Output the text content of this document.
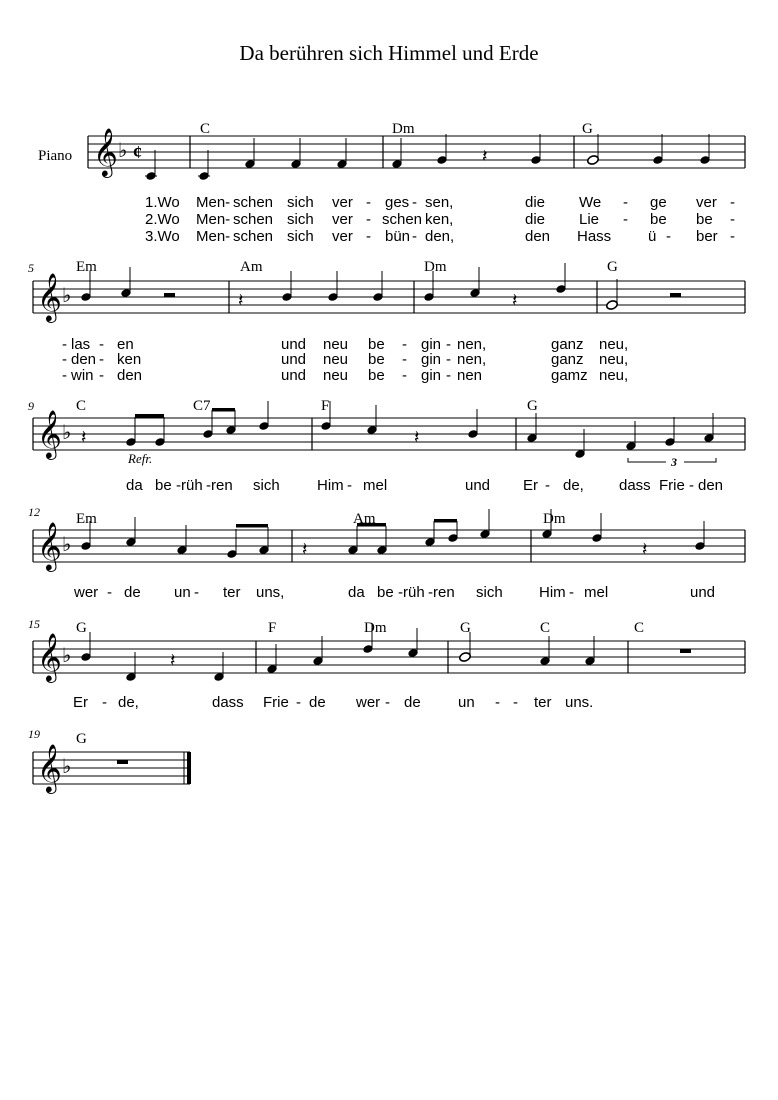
Da berühren sich Himmel und Erde
Piano
5
9
12
15
19
𝄞 ♭ ¢	𝄽
C	Dm	G
1.Wo Men- schen sich ver - ges - sen,	die We - ge ver -
2.Wo Men- schen sich ver - schen ken,	die Lie - be be -
3.Wo Men- schen sich ver - bün - den,	den Hass ü - ber -
𝄞 ♭	𝄽	𝄽
Em	Am	Dm	G
- las - en	und neu be - gin - nen,	ganz neu,
- den - ken	und neu be - gin - nen,	ganz neu,
- win - den	und neu be - gin - nen	gamz neu,
𝄞 ♭ 𝄽	𝄽
3
Refr.
C	C7	F	G
da be - rüh - ren sich Him - mel	und Er - de, dass Frie - den
𝄞 ♭	𝄽	𝄽
Em	Am	Dm
wer - de un - ter uns,	da be - rüh - ren sich Him - mel	und
𝄞 ♭	𝄽
G	F	Dm	G	C	C
Er - de,	dass Frie - de wer - de un - - ter uns.
𝄞 ♭
G
